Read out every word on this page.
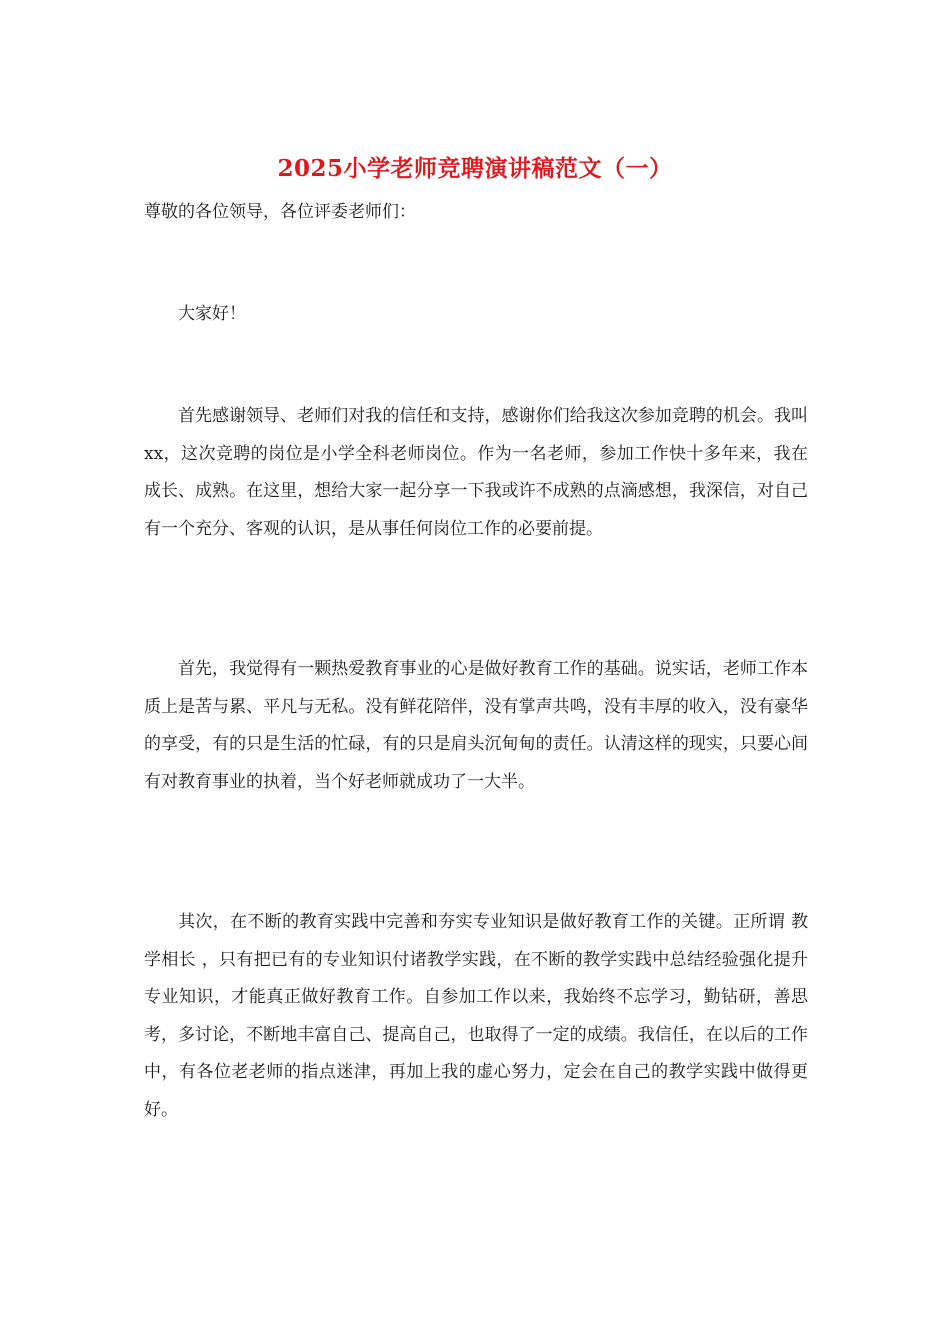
2025小学老师竞聘演讲稿范文（一）
尊敬的各位领导，各位评委老师们：

大家好！

首先感谢领导、老师们对我的信任和支持，感谢你们给我这次参加竞聘的机会。我叫xx，这次竞聘的岗位是小学全科老师岗位。作为一名老师，参加工作快十多年来，我在成长、成熟。在这里，想给大家一起分享一下我或许不成熟的点滴感想，我深信，对自己有一个充分、客观的认识，是从事任何岗位工作的必要前提。

首先，我觉得有一颗热爱教育事业的心是做好教育工作的基础。说实话，老师工作本质上是苦与累、平凡与无私。没有鲜花陪伴，没有掌声共鸣，没有丰厚的收入，没有豪华的享受，有的只是生活的忙碌，有的只是肩头沉甸甸的责任。认清这样的现实，只要心间有对教育事业的执着，当个好老师就成功了一大半。

其次，在不断的教育实践中完善和夯实专业知识是做好教育工作的关键。正所谓 教学相长 ，只有把已有的专业知识付诸教学实践，在不断的教学实践中总结经验强化提升专业知识，才能真正做好教育工作。自参加工作以来，我始终不忘学习，勤钻研，善思考，多讨论，不断地丰富自己、提高自己，也取得了一定的成绩。我信任，在以后的工作中，有各位老老师的指点迷津，再加上我的虚心努力，定会在自己的教学实践中做得更好。
